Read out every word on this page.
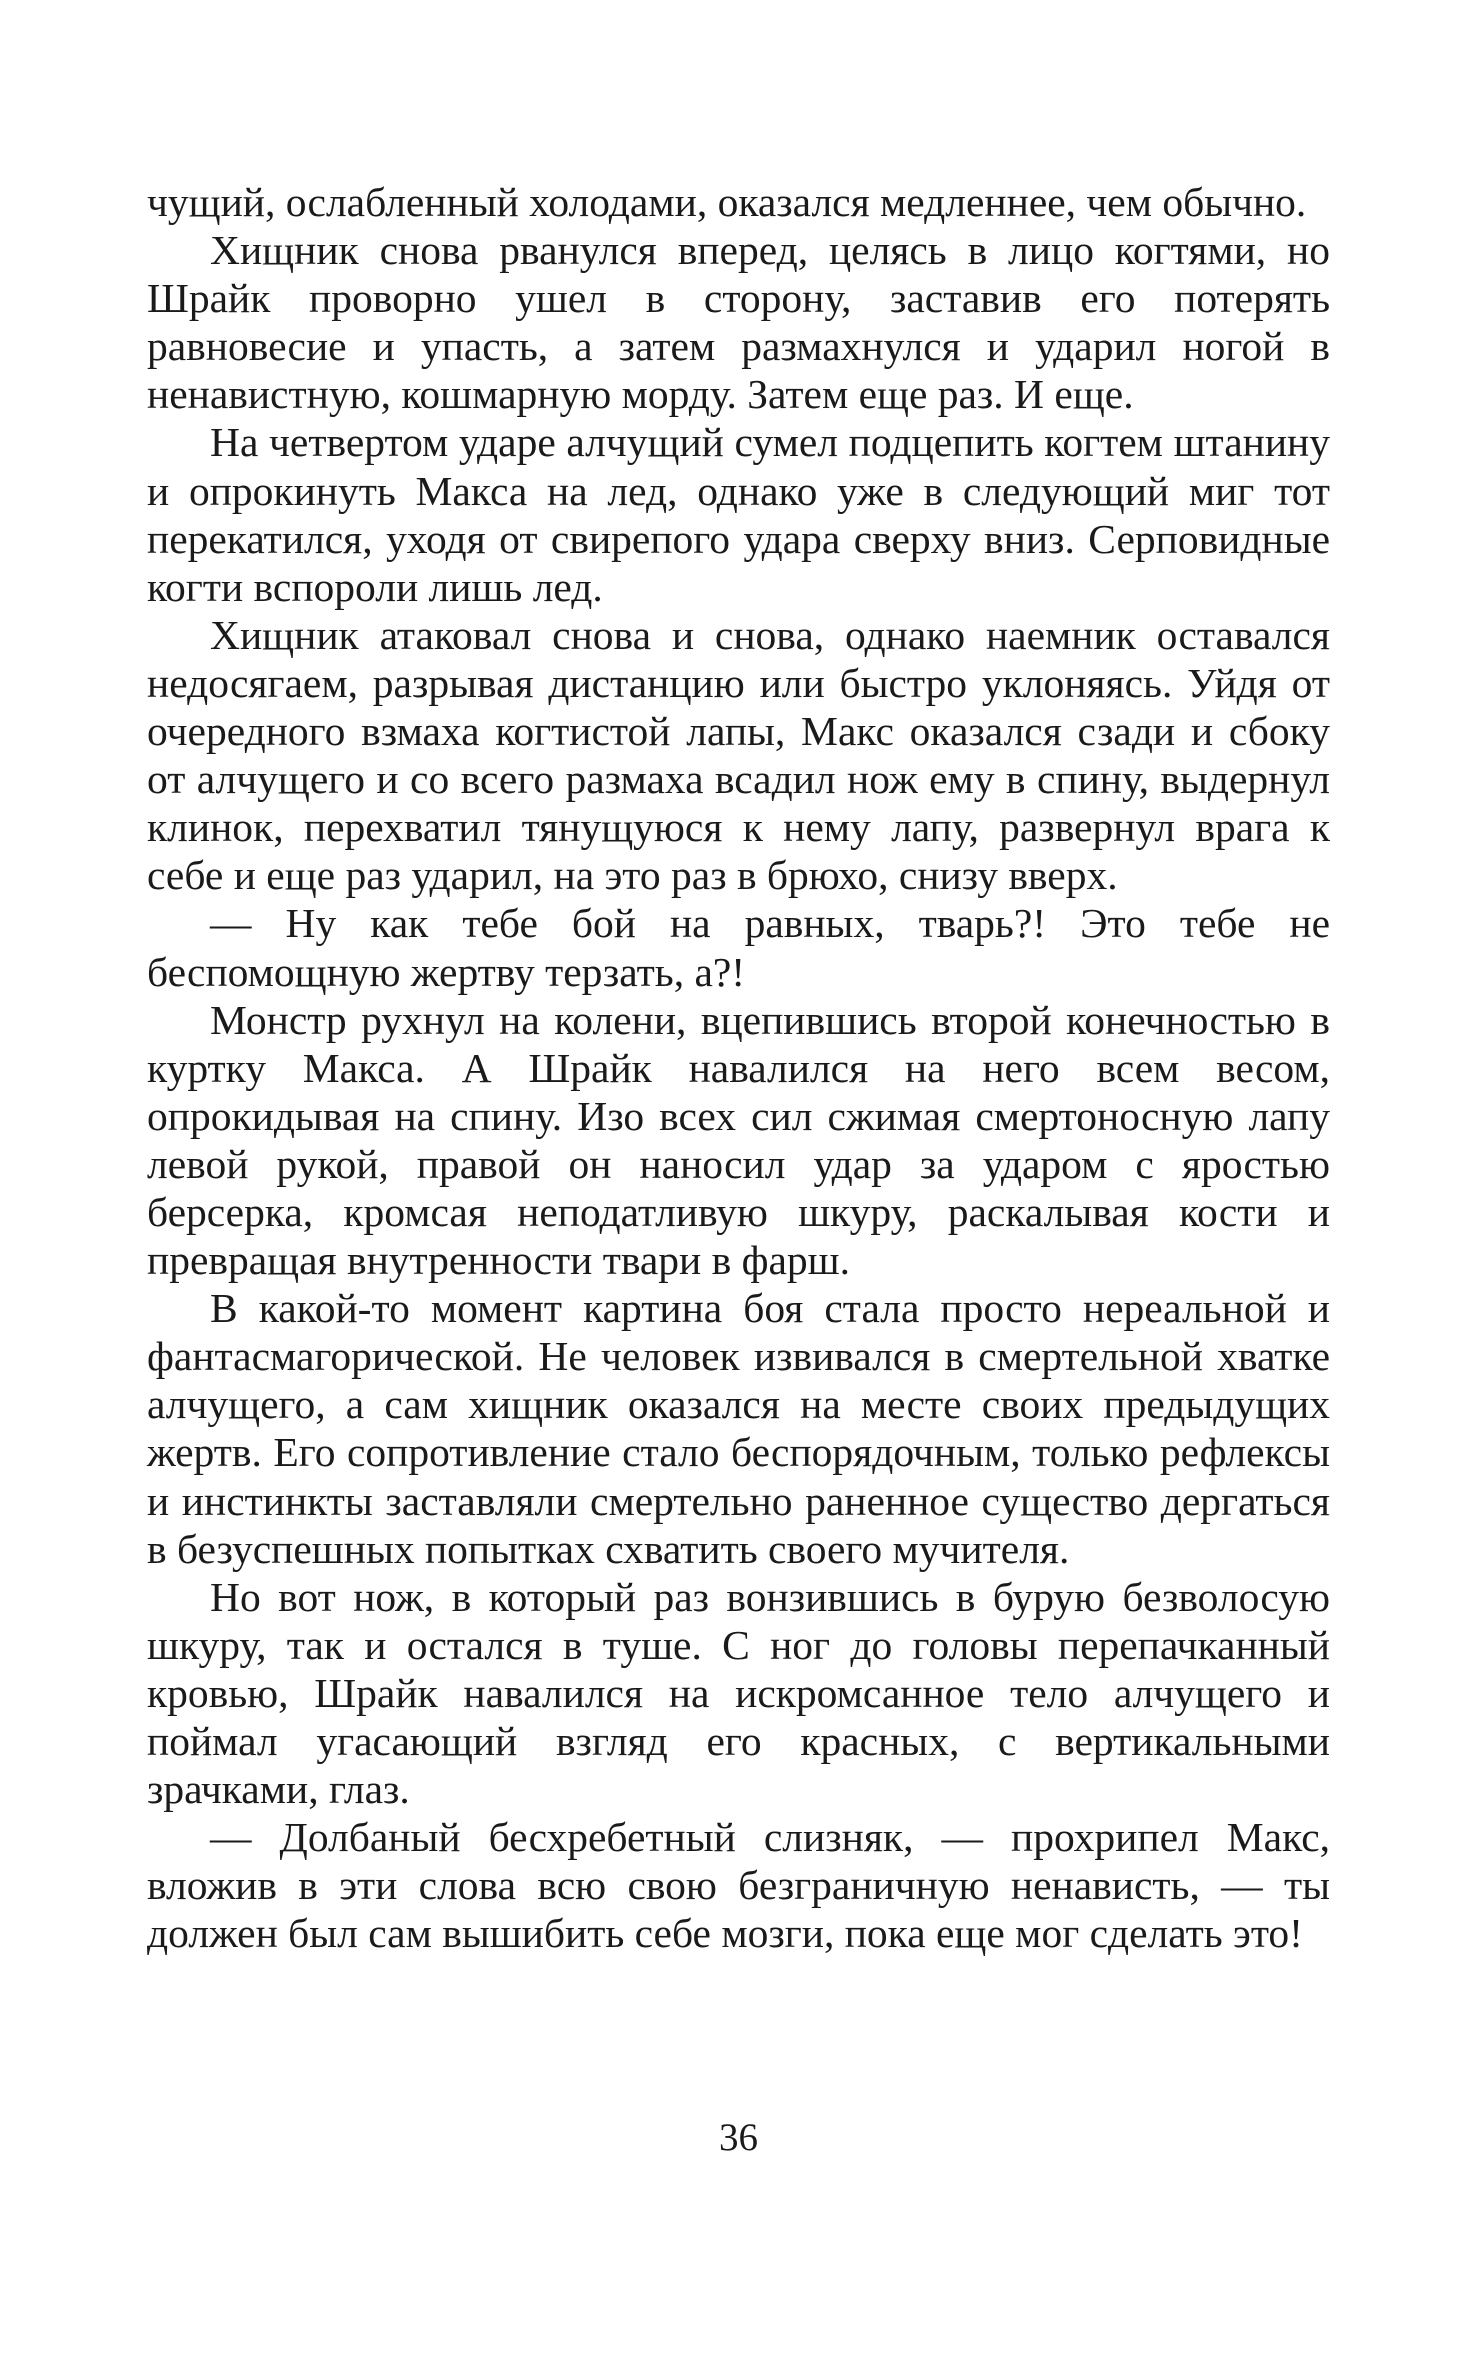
чущий, ослабленный холодами, оказался медленнее, чем обычно.

Хищник снова рванулся вперед, целясь в лицо когтями, но Шрайк проворно ушел в сторону, заставив его потерять равновесие и упасть, а затем размахнулся и ударил ногой в ненавистную, кошмарную морду. Затем еще раз. И еще.

На четвертом ударе алчущий сумел подцепить когтем штанину и опрокинуть Макса на лед, однако уже в следующий миг тот перекатился, уходя от свирепого удара сверху вниз. Серповидные когти вспороли лишь лед.

Хищник атаковал снова и снова, однако наемник оставался недосягаем, разрывая дистанцию или быстро уклоняясь. Уйдя от очередного взмаха когтистой лапы, Макс оказался сзади и сбоку от алчущего и со всего размаха всадил нож ему в спину, выдернул клинок, перехватил тянущуюся к нему лапу, развернул врага к себе и еще раз ударил, на это раз в брюхо, снизу вверх.

— Ну как тебе бой на равных, тварь?! Это тебе не беспомощную жертву терзать, а?!

Монстр рухнул на колени, вцепившись второй конечностью в куртку Макса. А Шрайк навалился на него всем весом, опрокидывая на спину. Изо всех сил сжимая смертоносную лапу левой рукой, правой он наносил удар за ударом с яростью берсерка, кромсая неподатливую шкуру, раскалывая кости и превращая внутренности твари в фарш.

В какой-то момент картина боя стала просто нереальной и фантасмагорической. Не человек извивался в смертельной хватке алчущего, а сам хищник оказался на месте своих предыдущих жертв. Его сопротивление стало беспорядочным, только рефлексы и инстинкты заставляли смертельно раненное существо дергаться в безуспешных попытках схватить своего мучителя.

Но вот нож, в который раз вонзившись в бурую безволосую шкуру, так и остался в туше. С ног до головы перепачканный кровью, Шрайк навалился на искромсанное тело алчущего и поймал угасающий взгляд его красных, с вертикальными зрачками, глаз.

— Долбаный бесхребетный слизняк, — прохрипел Макс, вложив в эти слова всю свою безграничную ненависть, — ты должен был сам вышибить себе мозги, пока еще мог сделать это!

36
